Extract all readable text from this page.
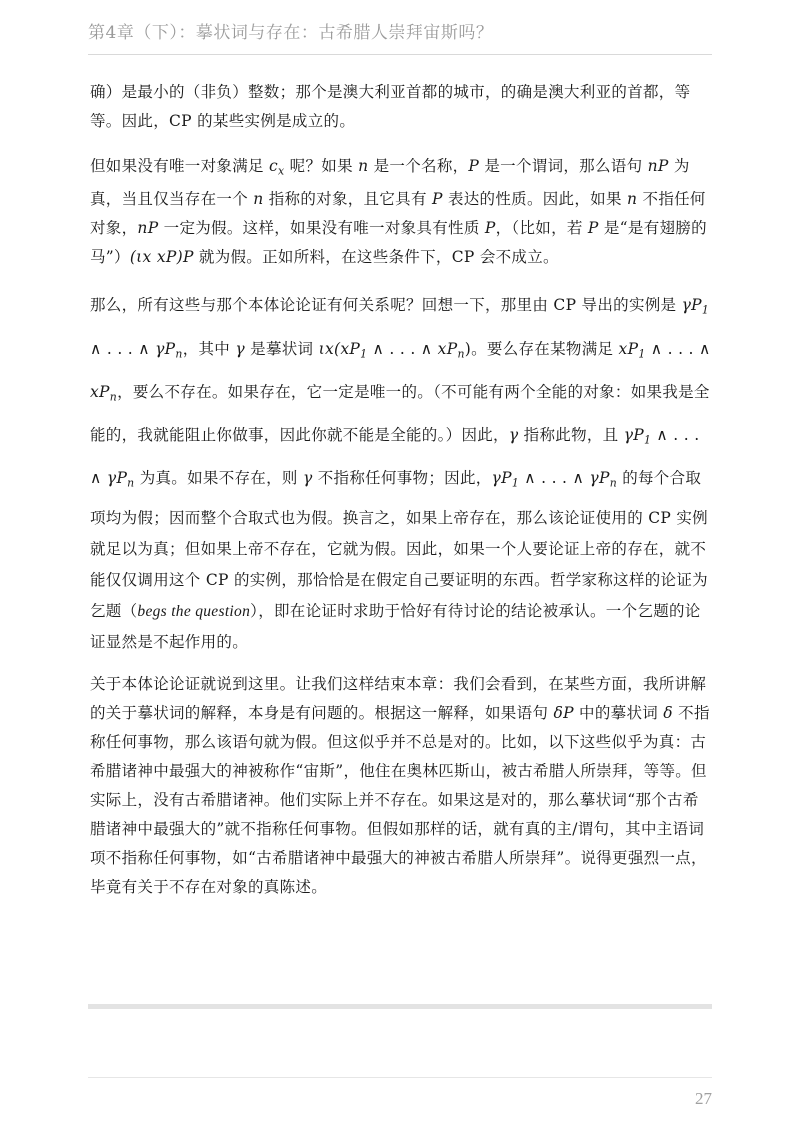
第4章（下）：摹状词与存在：古希腊人崇拜宙斯吗？

确）是最小的（非负）整数；那个是澳大利亚首都的城市，的确是澳大利亚的首都，等等。因此，CP 的某些实例是成立的。

但如果没有唯一对象满足 $c_x$ 呢？如果 n 是一个名称，P 是一个谓词，那么语句 nP 为真，当且仅当存在一个 n 指称的对象，且它具有 P 表达的性质。因此，如果 n 不指任何对象，nP 一定为假。这样，如果没有唯一对象具有性质 P，（比如，若 P 是“是有翅膀的马”）(ιx xP)P 就为假。正如所料，在这些条件下，CP 会不成立。

那么，所有这些与那个本体论论证有何关系呢？回想一下，那里由 CP 导出的实例是 $\gamma P_1$ ∧ . . . ∧ $\gamma P_n$，其中 γ 是摹状词 $\iota x(xP_1$ ∧ . . . ∧ $xP_n$)。要么存在某物满足 $xP_1$ ∧ . . . ∧ $xP_n$，要么不存在。如果存在，它一定是唯一的。（不可能有两个全能的对象：如果我是全能的，我就能阻止你做事，因此你就不能是全能的。）因此，γ 指称此物，且 $\gamma P_1$ ∧ . . . ∧ $\gamma P_n$ 为真。如果不存在，则 γ 不指称任何事物；因此，$\gamma P_1$ ∧ . . . ∧ $\gamma P_n$ 的每个合取项均为假；因而整个合取式也为假。换言之，如果上帝存在，那么该论证使用的 CP 实例就足以为真；但如果上帝不存在，它就为假。因此，如果一个人要论证上帝的存在，就不能仅仅调用这个 CP 的实例，那恰恰是在假定自己要证明的东西。哲学家称这样的论证为乞题（begs the question），即在论证时求助于恰好有待讨论的结论被承认。一个乞题的论证显然是不起作用的。

关于本体论论证就说到这里。让我们这样结束本章：我们会看到，在某些方面，我所讲解的关于摹状词的解释，本身是有问题的。根据这一解释，如果语句 δP 中的摹状词 δ 不指称任何事物，那么该语句就为假。但这似乎并不总是对的。比如，以下这些似乎为真：古希腊诸神中最强大的神被称作“宙斯”，他住在奥林匹斯山，被古希腊人所崇拜，等等。但实际上，没有古希腊诸神。他们实际上并不存在。如果这是对的，那么摹状词“那个古希腊诸神中最强大的”就不指称任何事物。但假如那样的话，就有真的主/谓句，其中主语词项不指称任何事物，如“古希腊诸神中最强大的神被古希腊人所崇拜”。说得更强烈一点，毕竟有关于不存在对象的真陈述。

27
